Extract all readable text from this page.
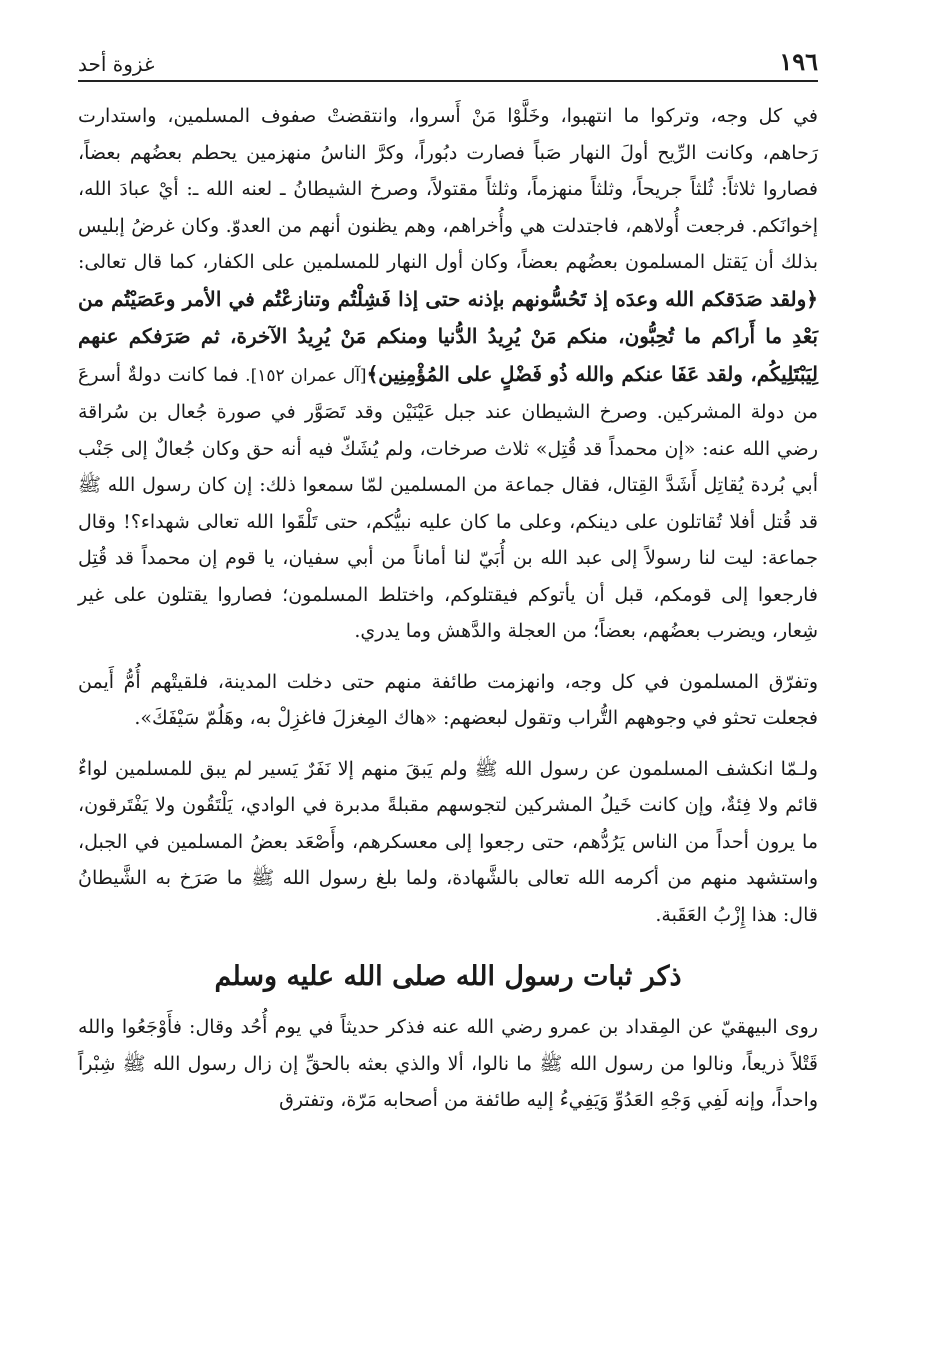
١٩٦
غزوة أحد

في كل وجه، وتركوا ما انتهبوا، وخَلَّوْا مَنْ أَسروا، وانتقضتْ صفوف المسلمين، واستدارت رَحاهم، وكانت الرِّيح أولَ النهار صَباً فصارت دبُوراً، وكرَّ الناسُ منهزمين يحطم بعضُهم بعضاً، فصاروا ثلاثاً: ثُلثاً جريحاً، وثلثاً منهزماً، وثلثاً مقتولاً، وصرخ الشيطانُ ـ لعنه الله ـ: أيْ عبادَ الله، إخوانَكم. فرجعت أُولاهم، فاجتدلت هي وأُخراهم، وهم يظنون أنهم من العدوّ. وكان غرضُ إبليس بذلك أن يَقتل المسلمون بعضُهم بعضاً، وكان أول النهار للمسلمين على الكفار، كما قال تعالى: ﴿ولقد صَدَقكم الله وعدَه إذ تَحُسُّونهم بإذنه حتى إذا فَشِلْتُم وتنازعْتُم في الأمر وعَصَيْتُم من بَعْدِ ما أَراكم ما تُحِبُّون، منكم مَنْ يُرِيدُ الدُّنيا ومنكم مَنْ يُرِيدُ الآخرة، ثم صَرَفكم عنهم لِيَبْتَلِيكُم، ولقد عَفَا عنكم والله ذُو فَضْلٍ على المُؤْمِنِين﴾[آل عمران ١٥٢]. فما كانت دولةٌ أسرعَ من دولة المشركين. وصرخ الشيطان عند جبل عَيْنَيْن وقد تَصَوَّر في صورة جُعال بن سُراقة رضي الله عنه: «إن محمداً قد قُتِل» ثلاث صرخات، ولم يُشَكّ فيه أنه حق وكان جُعالٌ إلى جَنْب أبي بُردة يُقاتِل أَشَدَّ القِتال، فقال جماعة من المسلمين لمّا سمعوا ذلك: إن كان رسول الله ﷺ قد قُتل أفلا تُقاتلون على دينكم، وعلى ما كان عليه نبيُّكم، حتى تَلْقَوا الله تعالى شهداء؟! وقال جماعة: ليت لنا رسولاً إلى عبد الله بن أُبَيّ لنا أماناً من أبي سفيان، يا قوم إن محمداً قد قُتِل فارجعوا إلى قومكم، قبل أن يأتوكم فيقتلوكم، واختلط المسلمون؛ فصاروا يقتلون على غير شِعار، ويضرب بعضُهم، بعضاً؛ من العجلة والدَّهش وما يدري.

وتفرّق المسلمون في كل وجه، وانهزمت طائفة منهم حتى دخلت المدينة، فلقيتْهم أُمُّ أَيمن فجعلت تحثو في وجوههم التُّراب وتقول لبعضهم: «هاك المِغزلَ فاغزِلْ به، وهَلُمّ سَيْفَكَ».

ولـمّا انكشف المسلمون عن رسول الله ﷺ ولم يَبقَ منهم إلا نَفَرٌ يَسير لم يبق للمسلمين لواءٌ قائم ولا فِئةٌ، وإن كانت خَيلُ المشركين لتجوسهم مقبلةً مدبرة في الوادي، يَلْتَقُون ولا يَفْتَرقون، ما يرون أحداً من الناس يَرُدُّهم، حتى رجعوا إلى معسكرهم، وأَصْعَد بعضُ المسلمين في الجبل، واستشهد منهم من أكرمه الله تعالى بالشَّهادة، ولما بلغ رسول الله ﷺ ما صَرَخ به الشَّيطانُ قال: هذا إِزْبُ العَقَبة.

ذكر ثبات رسول الله صلى الله عليه وسلم

روى البيهقيّ عن المِقداد بن عمرو رضي الله عنه فذكر حديثاً في يوم أُحُد وقال: فأَوْجَعُوا والله قَتْلاً ذريعاً، ونالوا من رسول الله ﷺ ما نالوا، ألا والذي بعثه بالحقِّ إن زال رسول الله ﷺ شِبْراً واحداً، وإنه لَفِي وَجْهِ العَدُوِّ وَيَفِيءُ إليه طائفة من أصحابه مَرّة، وتفترق
